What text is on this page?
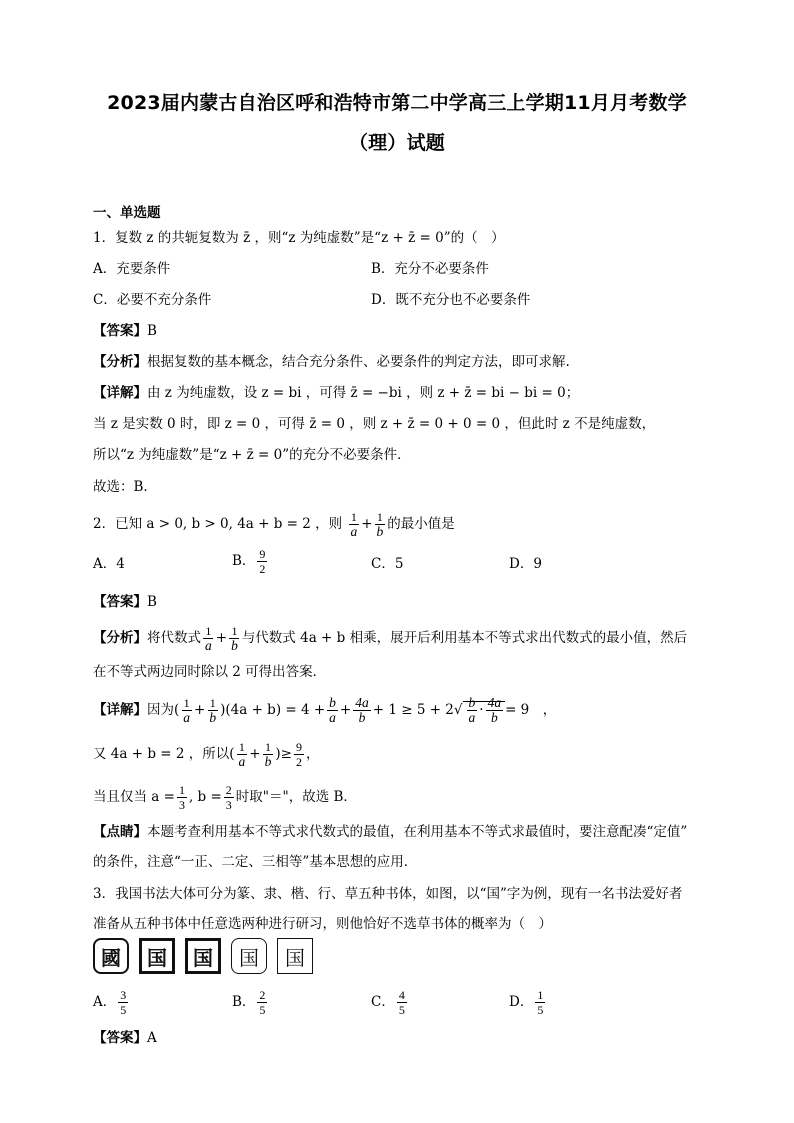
2023届内蒙古自治区呼和浩特市第二中学高三上学期11月月考数学
（理）试题
一、单选题
1．复数 z 的共轭复数为 z̄ ，则“z 为纯虚数”是“z + z̄ = 0”的（　）
A．充要条件	B．充分不必要条件
C．必要不充分条件	D．既不充分也不必要条件
【答案】B
【分析】根据复数的基本概念，结合充分条件、必要条件的判定方法，即可求解.
【详解】由 z 为纯虚数，设 z = bi ，可得 z̄ = −bi ，则 z + z̄ = bi − bi = 0；
当 z 是实数 0 时，即 z = 0 ，可得 z̄ = 0 ，则 z + z̄ = 0 + 0 = 0 ，但此时 z 不是纯虚数，
所以“z 为纯虚数”是“z + z̄ = 0”的充分不必要条件．
故选：B.
2．已知 a > 0, b > 0, 4a + b = 2 ，则 $\frac{1}{a} + \frac{1}{b}$ 的最小值是
A．4	B． $\frac{9}{2}$	C．5	D．9
【答案】B
【分析】将代数式 $\frac{1}{a} + \frac{1}{b}$ 与代数式 4a + b 相乘，展开后利用基本不等式求出代数式的最小值，然后
在不等式两边同时除以 2 可得出答案．
【详解】因为( $\frac{1}{a} + \frac{1}{b} )(4a + b) = 4 + \frac{b}{a} + \frac{4a}{b} + 1 \ge 5 + 2√ \frac{b}{a} \cdot \frac{4a}{b} = 9$　，
又 4a + b = 2 ，所以( $\frac{1}{a} + \frac{1}{b}$ )≥ $\frac{9}{2}$ ，
当且仅当 $a = \frac{1}{3}$ , $b = \frac{2}{3}$ 时取"＝"，故选 B．
【点睛】本题考查利用基本不等式求代数式的最值，在利用基本不等式求最值时，要注意配凑“定值”
的条件，注意“一正、二定、三相等”基本思想的应用．
3．我国书法大体可分为篆、隶、楷、行、草五种书体，如图，以“国”字为例，现有一名书法爱好者
准备从五种书体中任意选两种进行研习，则他恰好不选草书体的概率为（　）
國	国	国	国	国
A． $\frac{3}{5}$	B． $\frac{2}{5}$	C． $\frac{4}{5}$	D． $\frac{1}{5}$
【答案】A
